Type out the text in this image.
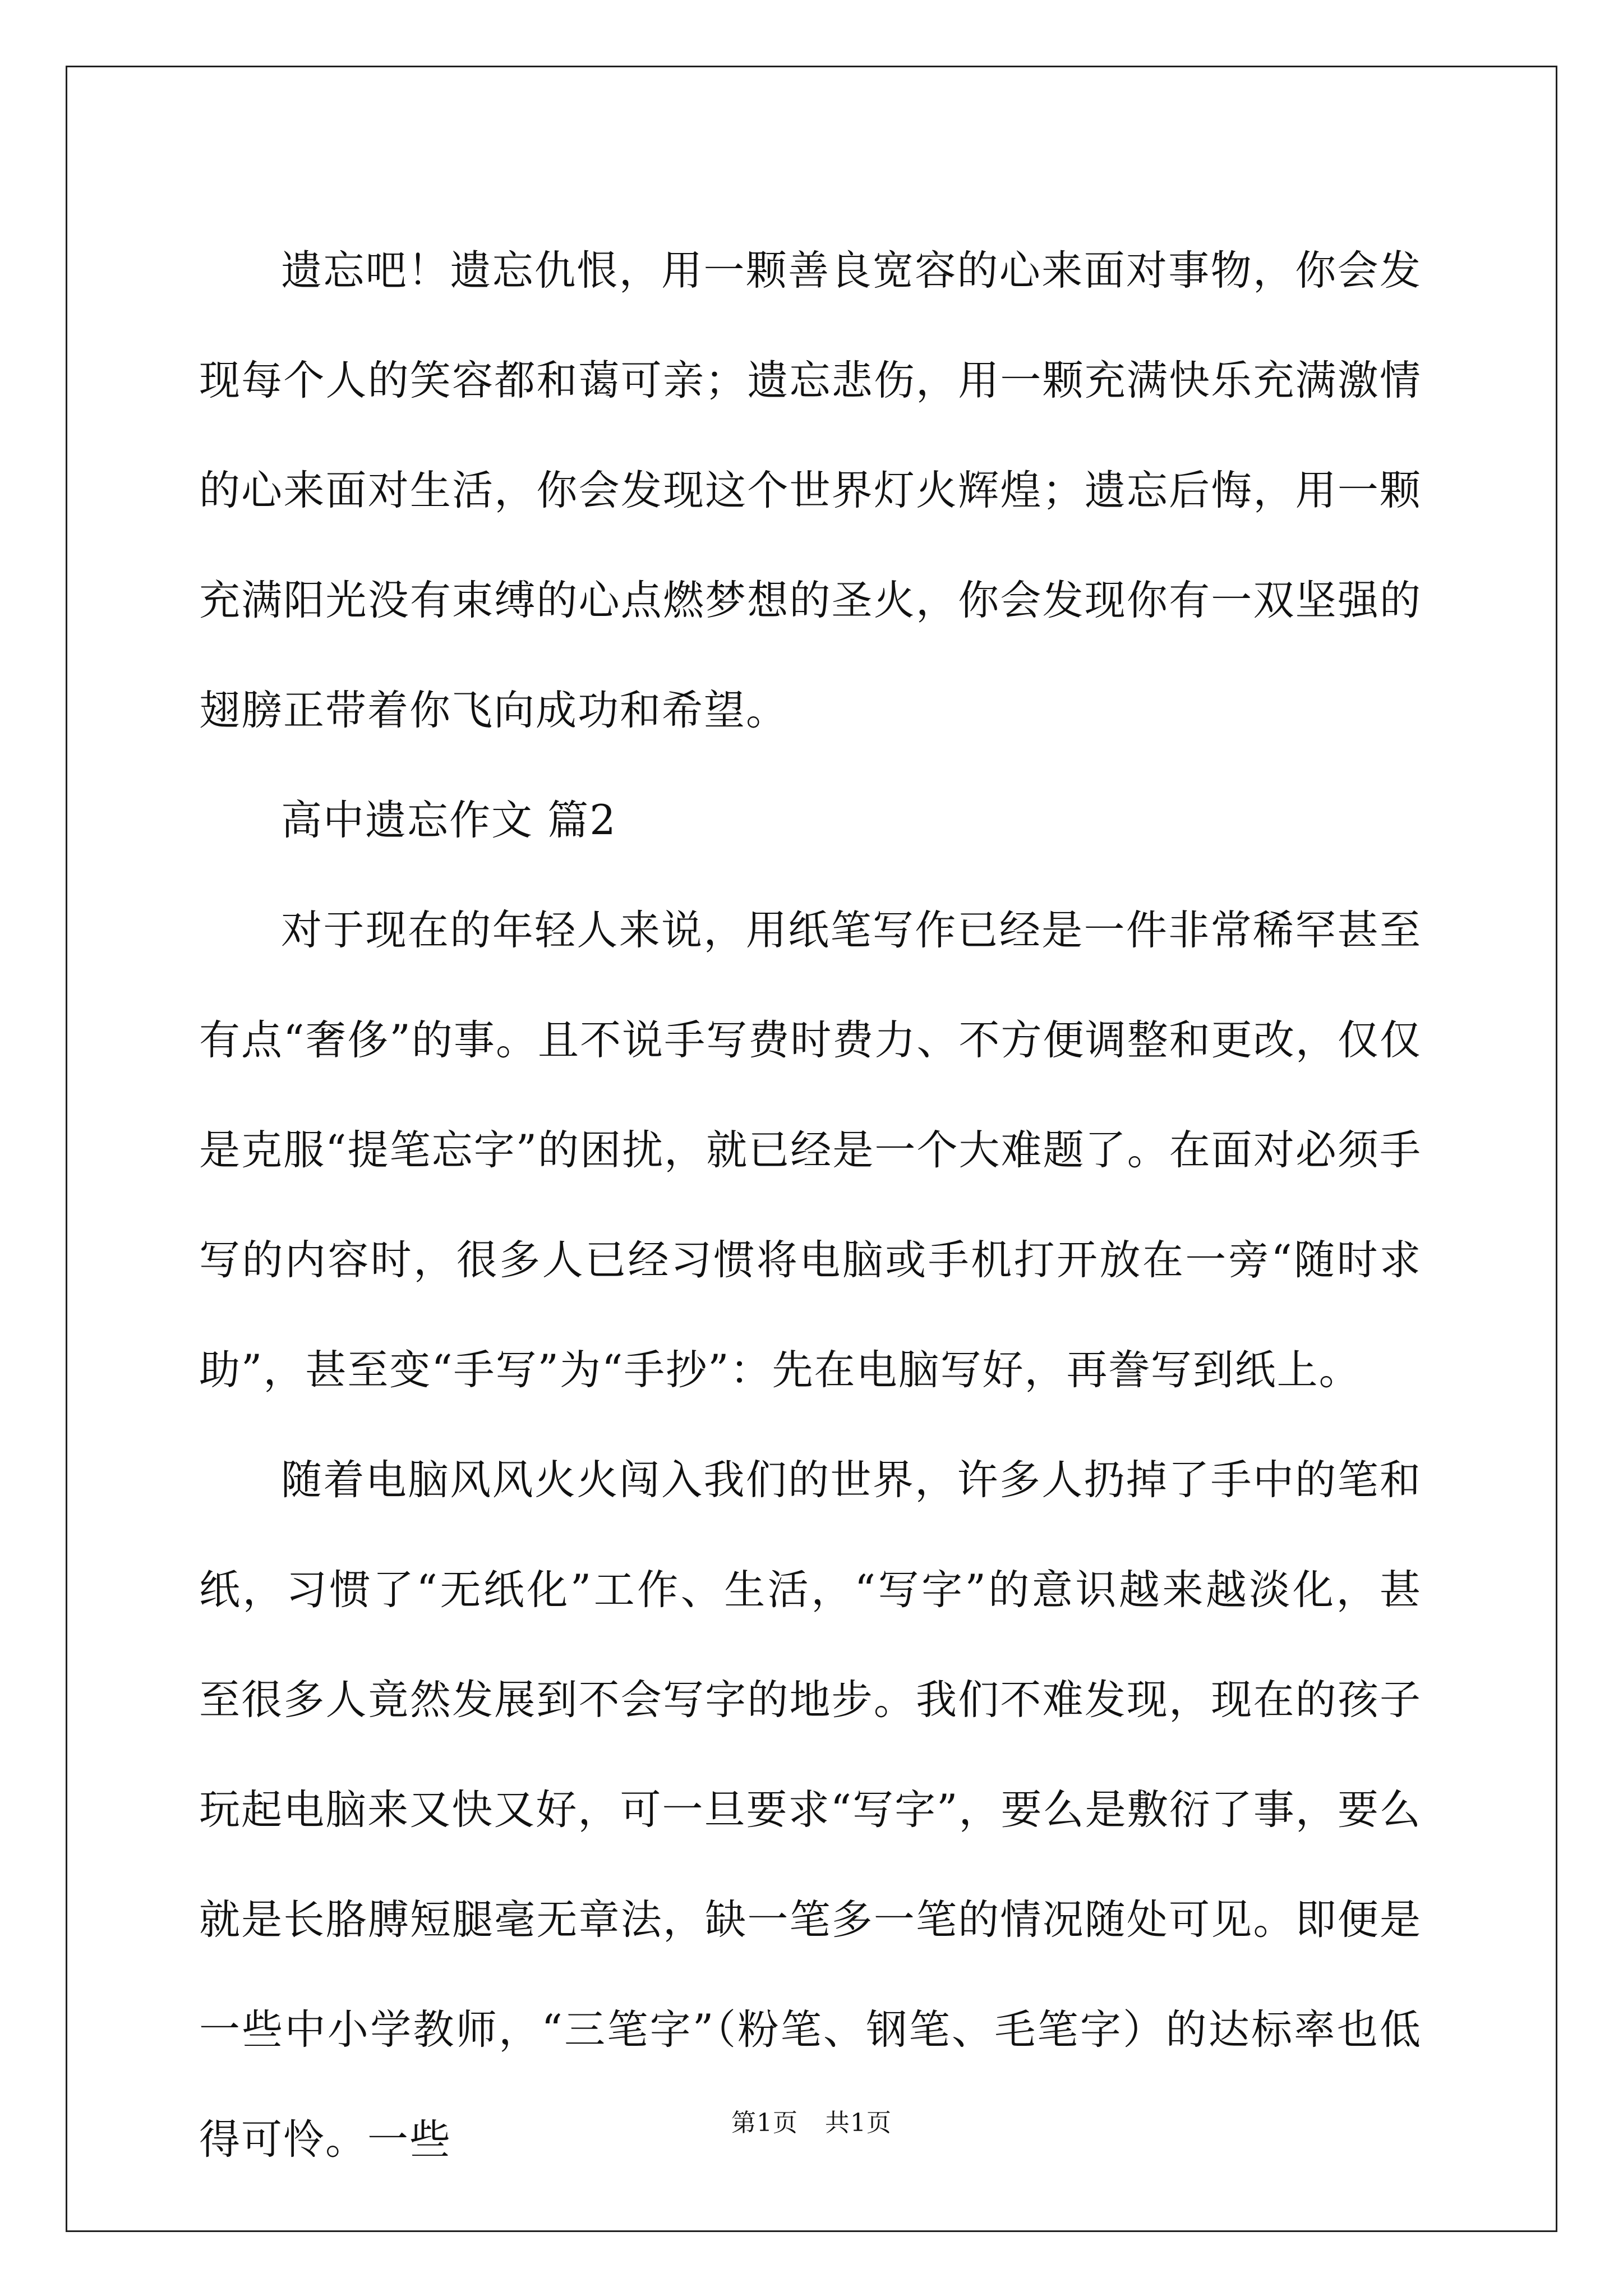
遗忘吧！遗忘仇恨，用一颗善良宽容的心来面对事物，你会发现每个人的笑容都和蔼可亲；遗忘悲伤，用一颗充满快乐充满激情的心来面对生活，你会发现这个世界灯火辉煌；遗忘后悔，用一颗充满阳光没有束缚的心点燃梦想的圣火，你会发现你有一双坚强的翅膀正带着你飞向成功和希望。

高中遗忘作文 篇2

对于现在的年轻人来说，用纸笔写作已经是一件非常稀罕甚至有点“奢侈”的事。且不说手写费时费力、不方便调整和更改，仅仅是克服“提笔忘字”的困扰，就已经是一个大难题了。在面对必须手写的内容时，很多人已经习惯将电脑或手机打开放在一旁“随时求助”，甚至变“手写”为“手抄”：先在电脑写好，再誊写到纸上。

随着电脑风风火火闯入我们的世界，许多人扔掉了手中的笔和纸，习惯了“无纸化”工作、生活，“写字”的意识越来越淡化，甚至很多人竟然发展到不会写字的地步。我们不难发现，现在的孩子玩起电脑来又快又好，可一旦要求“写字”，要么是敷衍了事，要么就是长胳膊短腿毫无章法，缺一笔多一笔的情况随处可见。即便是一些中小学教师，“三笔字”（粉笔、钢笔、毛笔字）的达标率也低得可怜。一些	第1页 共1页
